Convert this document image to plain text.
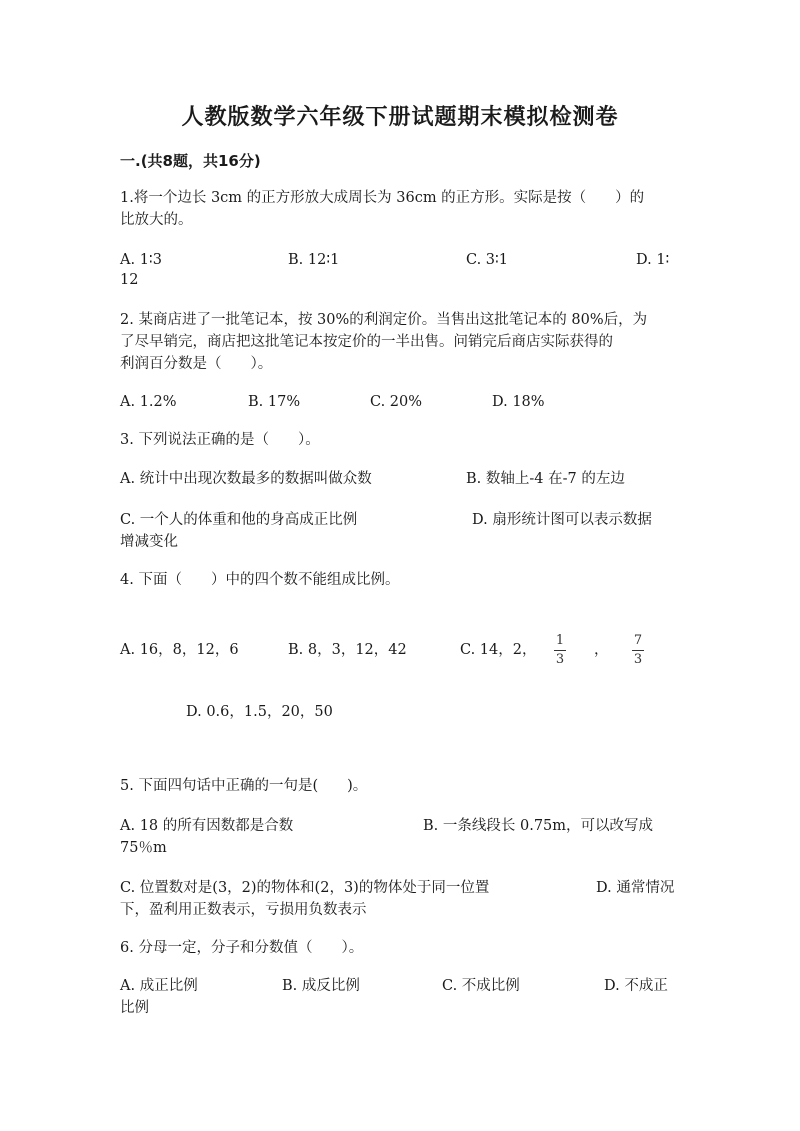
人教版数学六年级下册试题期末模拟检测卷
一.(共8题，共16分)
1.将一个边长 3cm 的正方形放大成周长为 36cm 的正方形。实际是按（　　）的
比放大的。
A. 1∶3	B. 12∶1	C. 3∶1	D. 1∶
12
2. 某商店进了一批笔记本，按 30%的利润定价。当售出这批笔记本的 80%后，为
了尽早销完，商店把这批笔记本按定价的一半出售。问销完后商店实际获得的
利润百分数是（　　）。
A. 1.2%	B. 17%	C. 20%	D. 18%
3. 下列说法正确的是（　　）。
A. 统计中出现次数最多的数据叫做众数	B. 数轴上-4 在-7 的左边
C. 一个人的体重和他的身高成正比例	D. 扇形统计图可以表示数据
增减变化
4. 下面（　　）中的四个数不能组成比例。
A. 16，8，12，6	B. 8，3，12，42	C. 14，2，
1
3
，
7
3
D. 0.6，1.5，20，50
5. 下面四句话中正确的一句是(　　)。
A. 18 的所有因数都是合数	B. 一条线段长 0.75m，可以改写成
75％m
C. 位置数对是(3，2)的物体和(2，3)的物体处于同一位置	D. 通常情况
下，盈利用正数表示，亏损用负数表示
6. 分母一定，分子和分数值（　　）。
A. 成正比例	B. 成反比例	C. 不成比例	D. 不成正
比例
